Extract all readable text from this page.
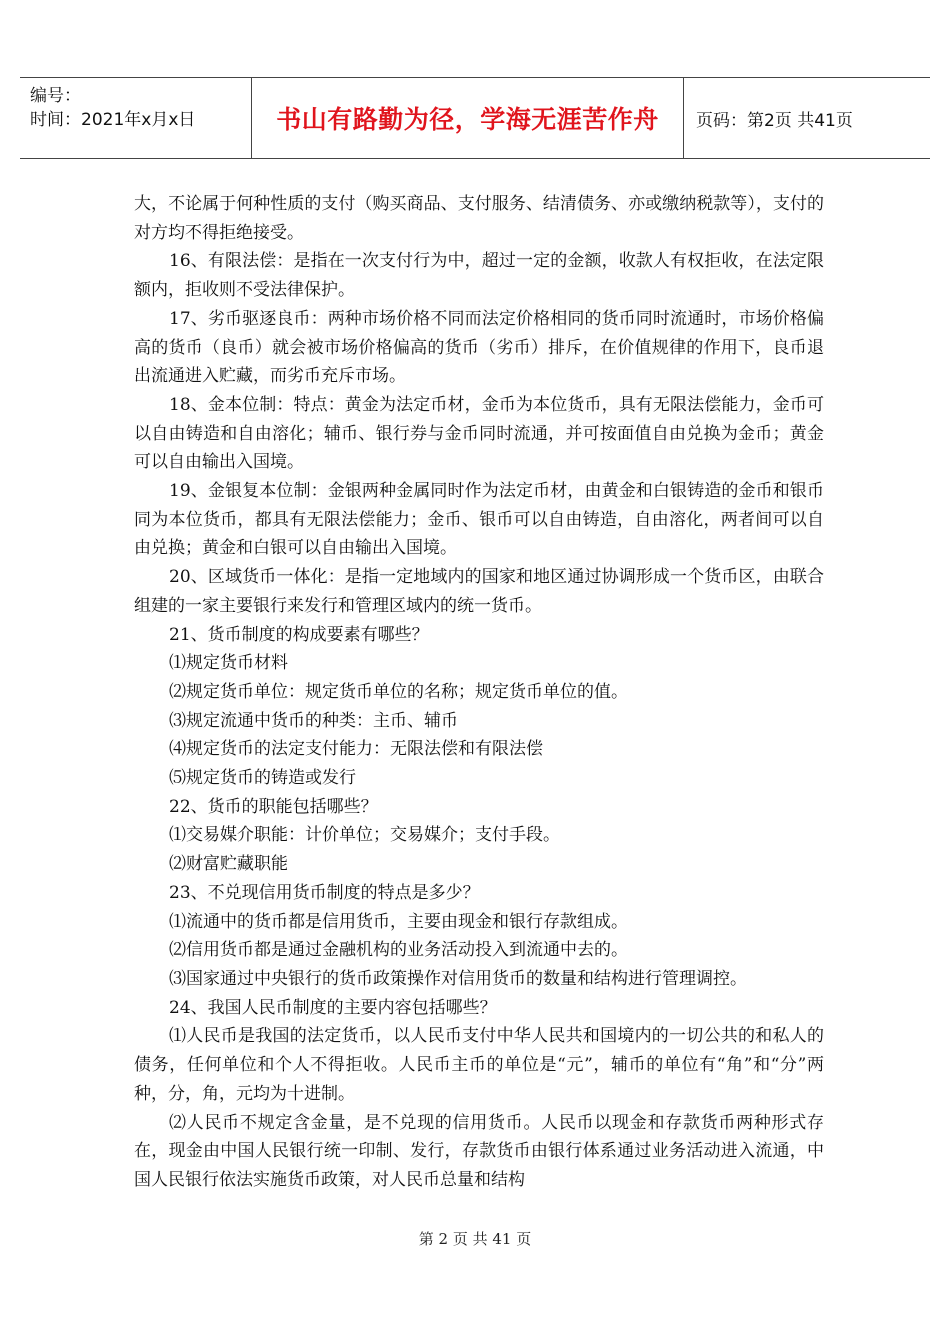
编号：
时间：2021年x月x日	书山有路勤为径，学海无涯苦作舟	页码：第2页 共41页

大，不论属于何种性质的支付（购买商品、支付服务、结清债务、亦或缴纳税款等），支付的对方均不得拒绝接受。

16、有限法偿：是指在一次支付行为中，超过一定的金额，收款人有权拒收，在法定限额内，拒收则不受法律保护。

17、劣币驱逐良币：两种市场价格不同而法定价格相同的货币同时流通时，市场价格偏高的货币（良币）就会被市场价格偏高的货币（劣币）排斥，在价值规律的作用下，良币退出流通进入贮藏，而劣币充斥市场。

18、金本位制：特点：黄金为法定币材，金币为本位货币，具有无限法偿能力，金币可以自由铸造和自由溶化；辅币、银行券与金币同时流通，并可按面值自由兑换为金币；黄金可以自由输出入国境。

19、金银复本位制：金银两种金属同时作为法定币材，由黄金和白银铸造的金币和银币同为本位货币，都具有无限法偿能力；金币、银币可以自由铸造，自由溶化，两者间可以自由兑换；黄金和白银可以自由输出入国境。

20、区域货币一体化：是指一定地域内的国家和地区通过协调形成一个货币区，由联合组建的一家主要银行来发行和管理区域内的统一货币。

21、货币制度的构成要素有哪些？

⑴规定货币材料

⑵规定货币单位：规定货币单位的名称；规定货币单位的值。

⑶规定流通中货币的种类：主币、辅币

⑷规定货币的法定支付能力：无限法偿和有限法偿

⑸规定货币的铸造或发行

22、货币的职能包括哪些？

⑴交易媒介职能：计价单位；交易媒介；支付手段。

⑵财富贮藏职能

23、不兑现信用货币制度的特点是多少？

⑴流通中的货币都是信用货币，主要由现金和银行存款组成。

⑵信用货币都是通过金融机构的业务活动投入到流通中去的。

⑶国家通过中央银行的货币政策操作对信用货币的数量和结构进行管理调控。

24、我国人民币制度的主要内容包括哪些？

⑴人民币是我国的法定货币，以人民币支付中华人民共和国境内的一切公共的和私人的债务，任何单位和个人不得拒收。人民币主币的单位是“元”，辅币的单位有“角”和“分”两种，分，角，元均为十进制。

⑵人民币不规定含金量，是不兑现的信用货币。人民币以现金和存款货币两种形式存在，现金由中国人民银行统一印制、发行，存款货币由银行体系通过业务活动进入流通，中国人民银行依法实施货币政策，对人民币总量和结构

第 2 页 共 41 页
